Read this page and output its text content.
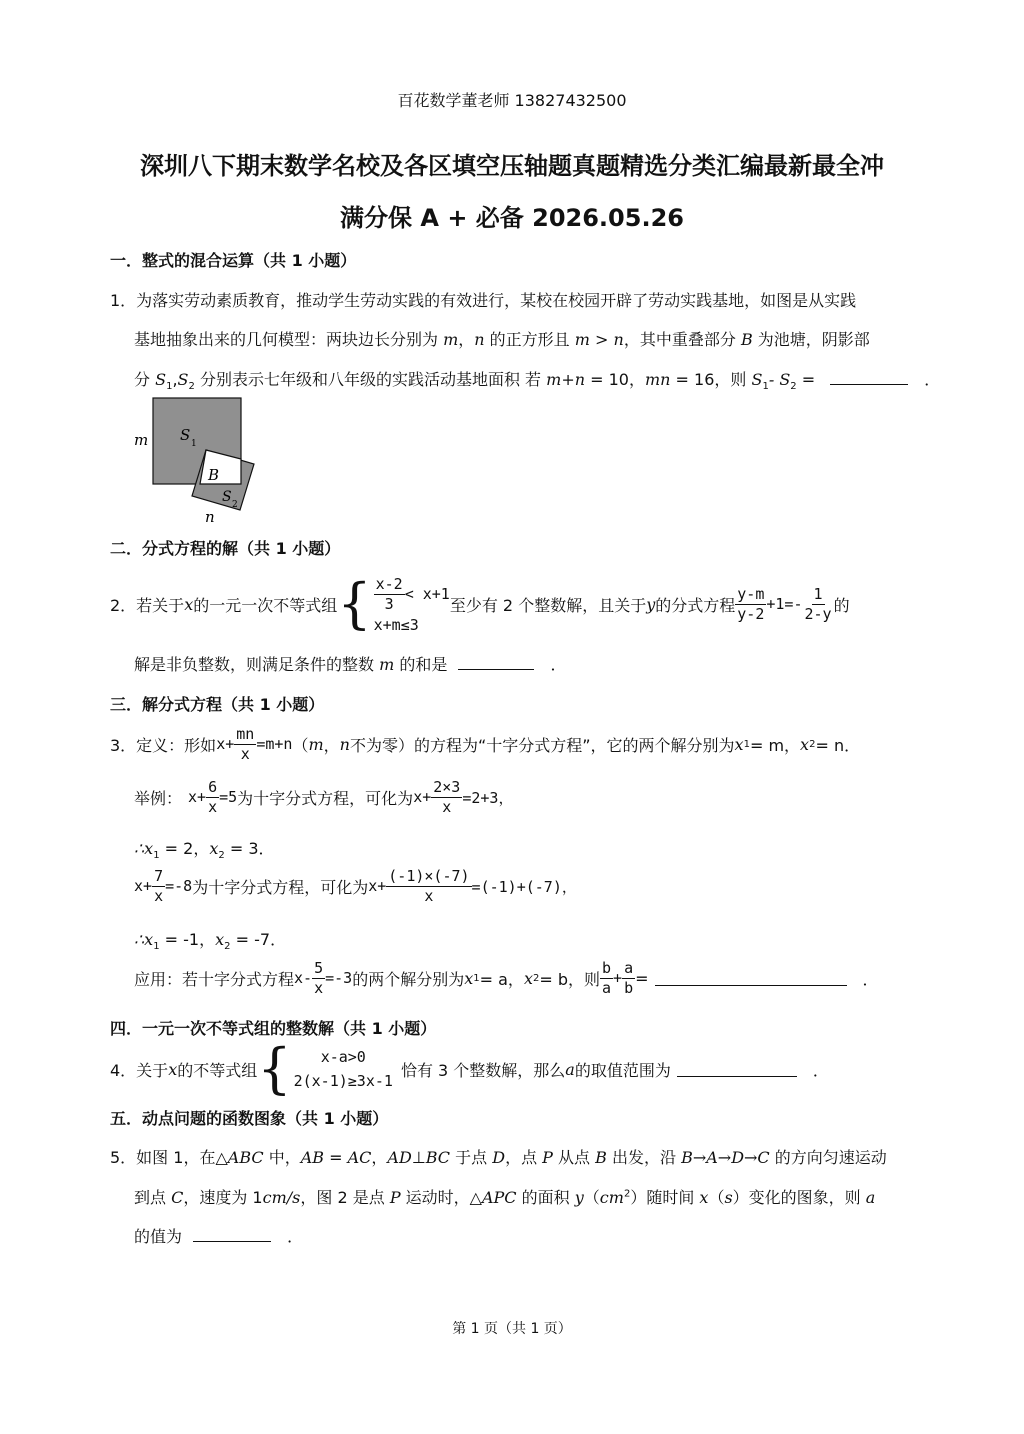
百花数学董老师 13827432500
深圳八下期末数学名校及各区填空压轴题真题精选分类汇编最新最全冲
满分保 A + 必备 2026.05.26
一．整式的混合运算（共 1 小题）
1．为落实劳动素质教育，推动学生劳动实践的有效进行，某校在校园开辟了劳动实践基地，如图是从实践
基地抽象出来的几何模型：两块边长分别为 m，n 的正方形且 m > n，其中重叠部分 B 为池塘，阴影部
分 $S_1,S_2$ 分别表示七年级和八年级的实践活动基地面积 若 m+n = 10，mn = 16，则 $S_1-$ $S_2$ =	．
m S 1
B
S 2
n
二．分式方程的解（共 1 小题）
2．若关于 x 的一元一次不等式组 { $\frac{x-2}{3} < x+1$
x+m≤3
至少有 2 个整数解，且关于 y 的分式方程 $\frac{y-m}{y-2} +1=- \frac{1}{2-y}$ 的
解是非负整数，则满足条件的整数 m 的和是	．
三．解分式方程（共 1 小题）
3．定义：形如 $x+ \frac{mn}{x} =m+n$ （ m ， n 不为零）的方程为“十字分式方程”，它的两个解分别为 x 1 = m， x 2 = n．
举例： $x+ \frac{6}{x} =5$ 为十字分式方程，可化为 $x+ \frac{2\times 3}{x} =2+3$，
$\therefore x_1 = 2$，$x_2 = 3$．
$x+ \frac{7}{x} =-8$ 为十字分式方程，可化为 $x+ \frac{(-1)\times(-7)}{x} =(-1)+(-7)$，
$\therefore x_1 = -1$，$x_2 = -7$．
应用：若十字分式方程 $x- \frac{5}{x} =-3$ 的两个解分别为 x 1 = a， x 2 = b，则 $\frac{b}{a} + \frac{a}{b}$ =	．
四．一元一次不等式组的整数解（共 1 小题）
4．关于 x 的不等式组 { x-a>0
2(x-1)≥3x-1
恰有 3 个整数解，那么 a 的取值范围为	．
五．动点问题的函数图象（共 1 小题）
5．如图 1，在△ABC 中，AB = AC，AD⊥BC 于点 D，点 P 从点 B 出发，沿 B→A→D→C 的方向匀速运动
到点 C，速度为 1cm/s，图 2 是点 P 运动时，△APC 的面积 $y(cm^2)$随时间 x（s）变化的图象，则 a
的值为	．
第 1 页（共 1 页）
